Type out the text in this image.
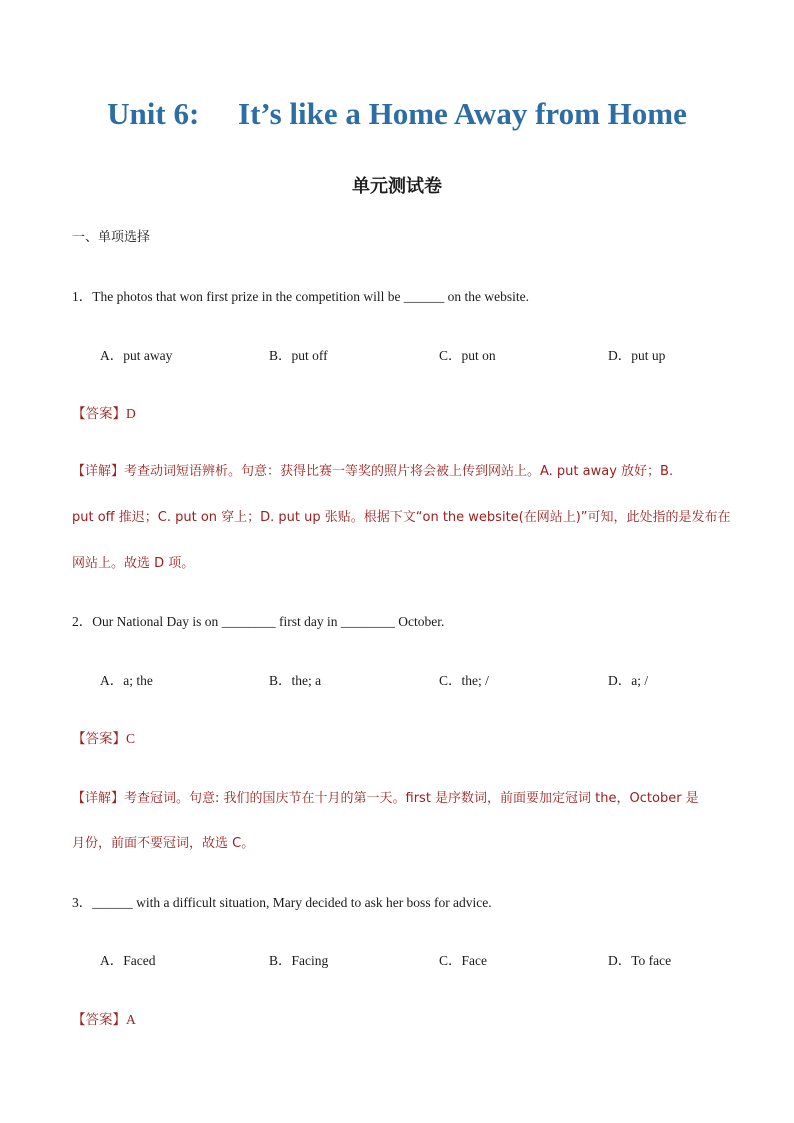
Unit 6:     It’s like a Home Away from Home
单元测试卷
一、单项选择
1．The photos that won first prize in the competition will be ______ on the website.
A．put away	B．put off	C．put on	D．put up
【答案】D
【详解】考查动词短语辨析。句意：获得比赛一等奖的照片将会被上传到网站上。A. put away 放好；B.
put off 推迟；C. put on 穿上；D. put up 张贴。根据下文“on the website(在网站上)”可知，此处指的是发布在
网站上。故选 D 项。
2．Our National Day is on ________ first day in ________ October.
A．a; the	B．the; a	C．the; /	D．a; /
【答案】C
【详解】考查冠词。句意: 我们的国庆节在十月的第一天。first 是序数词，前面要加定冠词 the，October 是
月份，前面不要冠词，故选 C。
3．______ with a difficult situation, Mary decided to ask her boss for advice.
A．Faced	B．Facing	C．Face	D．To face
【答案】A
